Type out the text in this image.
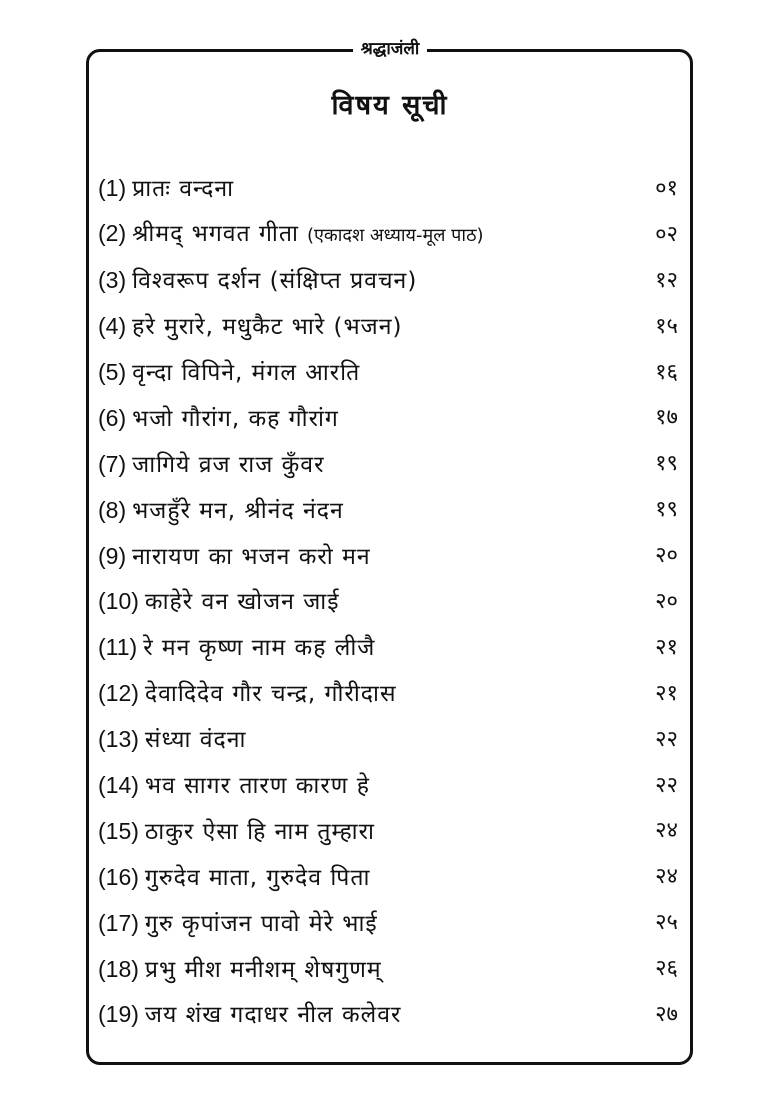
श्रद्धाजंली
विषय सूची
(1) प्रातः वन्दना	०१
(2) श्रीमद् भगवत गीता (एकादश अध्याय-मूल पाठ)	०२
(3) विश्वरूप दर्शन (संक्षिप्त प्रवचन)	१२
(4) हरे मुरारे, मधुकैट भारे (भजन)	१५
(5) वृन्दा विपिने, मंगल आरति	१६
(6) भजो गौरांग, कह गौरांग	१७
(7) जागिये व्रज राज कुँवर	१९
(8) भजहुँरे मन, श्रीनंद नंदन	१९
(9) नारायण का भजन करो मन	२०
(10) काहेरे वन खोजन जाई	२०
(11) रे मन कृष्ण नाम कह लीजै	२१
(12) देवादिदेव गौर चन्द्र, गौरीदास	२१
(13) संध्या वंदना	२२
(14) भव सागर तारण कारण हे	२२
(15) ठाकुर ऐसा हि नाम तुम्हारा	२४
(16) गुरुदेव माता, गुरुदेव पिता	२४
(17) गुरु कृपांजन पावो मेरे भाई	२५
(18) प्रभु मीश मनीशम् शेषगुणम्	२६
(19) जय शंख गदाधर नील कलेवर	२७
